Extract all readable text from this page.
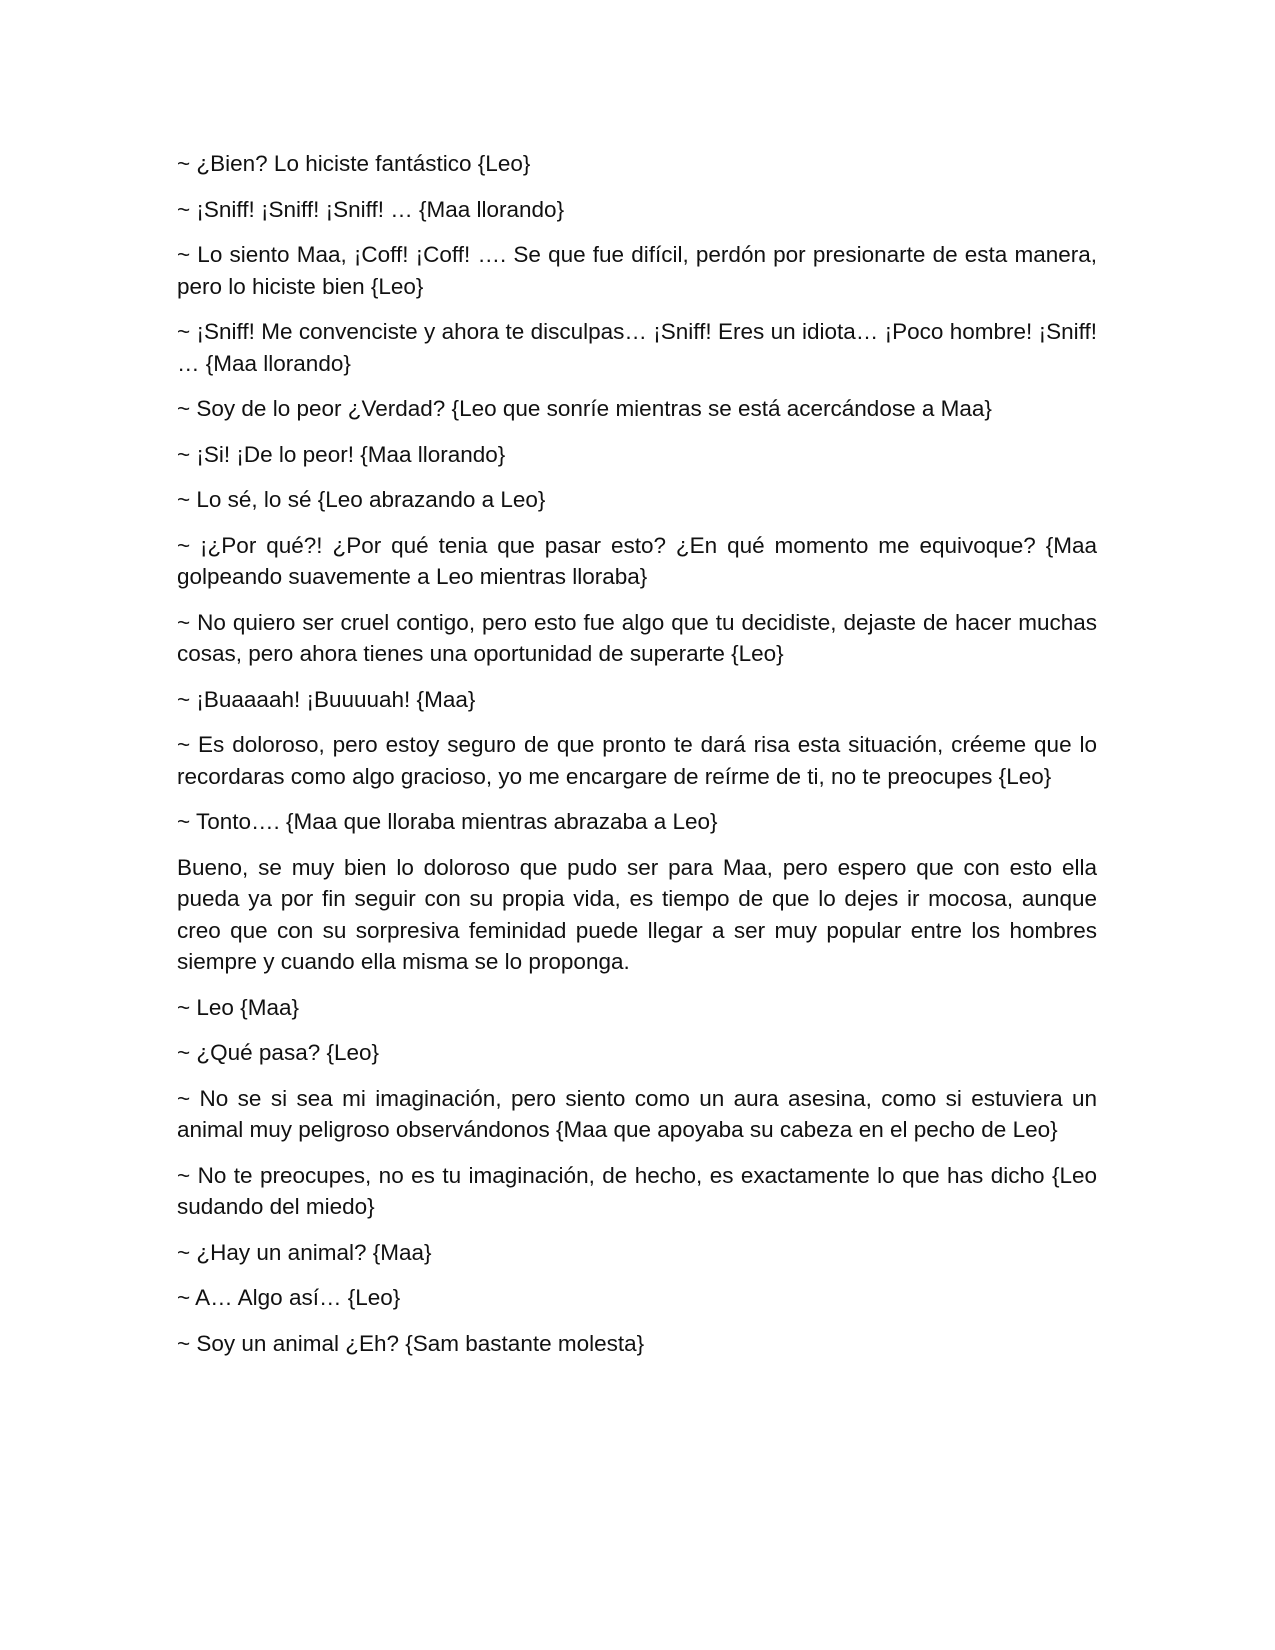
~ ¿Bien? Lo hiciste fantástico {Leo}

~ ¡Sniff! ¡Sniff! ¡Sniff! … {Maa llorando}

~ Lo siento Maa, ¡Coff! ¡Coff! …. Se que fue difícil, perdón por presionarte de esta manera, pero lo hiciste bien {Leo}

~ ¡Sniff! Me convenciste y ahora te disculpas… ¡Sniff! Eres un idiota… ¡Poco hombre! ¡Sniff! … {Maa llorando}

~ Soy de lo peor ¿Verdad? {Leo que sonríe mientras se está acercándose a Maa}

~ ¡Si! ¡De lo peor! {Maa llorando}

~ Lo sé, lo sé {Leo abrazando a Leo}

~ ¡¿Por qué?! ¿Por qué tenia que pasar esto? ¿En qué momento me equivoque? {Maa golpeando suavemente a Leo mientras lloraba}

~ No quiero ser cruel contigo, pero esto fue algo que tu decidiste, dejaste de hacer muchas cosas, pero ahora tienes una oportunidad de superarte {Leo}

~ ¡Buaaaah! ¡Buuuuah! {Maa}

~ Es doloroso, pero estoy seguro de que pronto te dará risa esta situación, créeme que lo recordaras como algo gracioso, yo me encargare de reírme de ti, no te preocupes {Leo}

~ Tonto…. {Maa que lloraba mientras abrazaba a Leo}

Bueno, se muy bien lo doloroso que pudo ser para Maa, pero espero que con esto ella pueda ya por fin seguir con su propia vida, es tiempo de que lo dejes ir mocosa, aunque creo que con su sorpresiva feminidad puede llegar a ser muy popular entre los hombres siempre y cuando ella misma se lo proponga.

~ Leo {Maa}

~ ¿Qué pasa? {Leo}

~ No se si sea mi imaginación, pero siento como un aura asesina, como si estuviera un animal muy peligroso observándonos {Maa que apoyaba su cabeza en el pecho de Leo}

~ No te preocupes, no es tu imaginación, de hecho, es exactamente lo que has dicho {Leo sudando del miedo}

~ ¿Hay un animal? {Maa}

~ A… Algo así… {Leo}

~ Soy un animal ¿Eh? {Sam bastante molesta}
